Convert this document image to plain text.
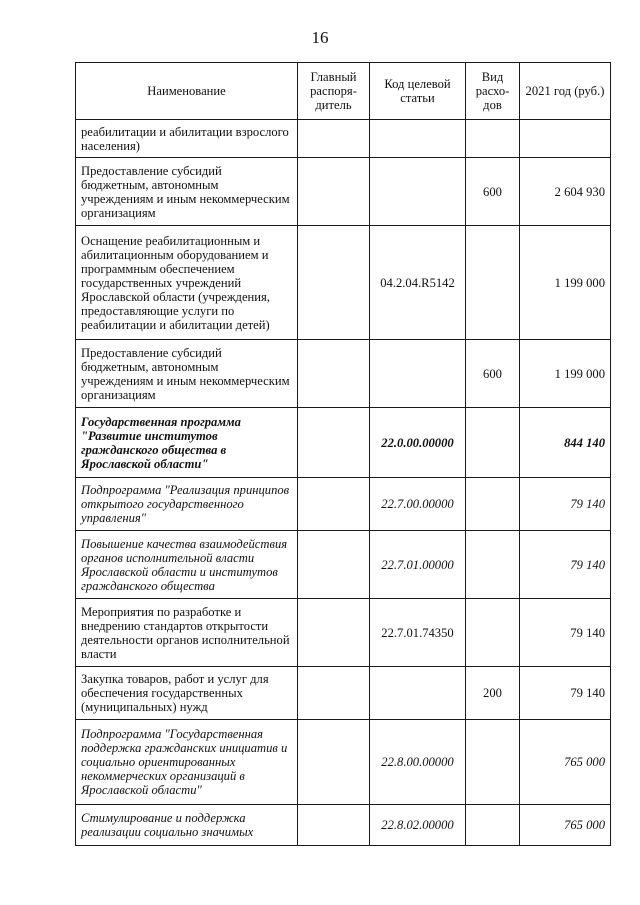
16
Наименование	Главный распоря-дитель	Код целевой статьи	Вид расхо-дов	2021 год (руб.)
реабилитации и абилитации взрослого населения)				
Предоставление субсидий бюджетным, автономным учреждениям и иным некоммерческим организациям			600	2 604 930
Оснащение реабилитационным и абилитационным оборудованием и программным обеспечением государственных учреждений Ярославской области (учреждения, предоставляющие услуги по реабилитации и абилитации детей)		04.2.04.R5142		1 199 000
Предоставление субсидий бюджетным, автономным учреждениям и иным некоммерческим организациям			600	1 199 000
Государственная программа "Развитие институтов гражданского общества в Ярославской области"		22.0.00.00000		844 140
Подпрограмма "Реализация принципов открытого государственного управления"		22.7.00.00000		79 140
Повышение качества взаимодействия органов исполнительной власти Ярославской области и институтов гражданского общества		22.7.01.00000		79 140
Мероприятия по разработке и внедрению стандартов открытости деятельности органов исполнительной власти		22.7.01.74350		79 140
Закупка товаров, работ и услуг для обеспечения государственных (муниципальных) нужд			200	79 140
Подпрограмма "Государственная поддержка гражданских инициатив и социально ориентированных некоммерческих организаций в Ярославской области"		22.8.00.00000		765 000
Стимулирование и поддержка реализации социально значимых		22.8.02.00000		765 000
